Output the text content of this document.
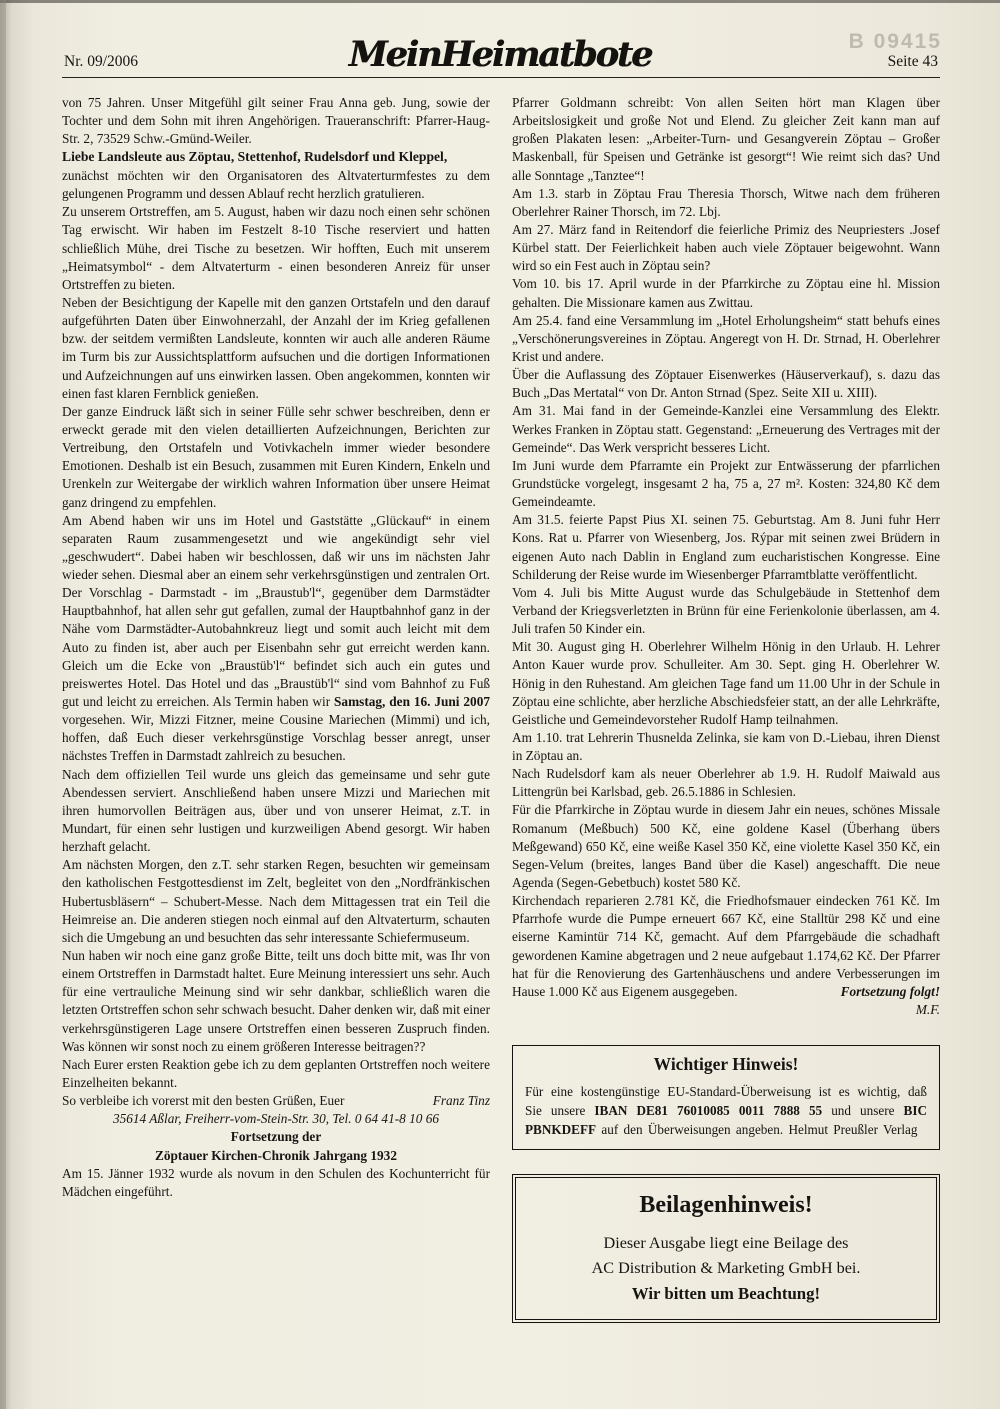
B 09415
Nr. 09/2006	MeinHeimatbote	Seite 43

von 75 Jahren. Unser Mitgefühl gilt seiner Frau Anna geb. Jung, sowie der Tochter und dem Sohn mit ihren Angehörigen. Traueranschrift: Pfarrer-Haug-Str. 2, 73529 Schw.-Gmünd-Weiler.

Liebe Landsleute aus Zöptau, Stettenhof, Rudelsdorf und Kleppel,

zunächst möchten wir den Organisatoren des Altvaterturmfestes zu dem gelungenen Programm und dessen Ablauf recht herzlich gratulieren.

Zu unserem Ortstreffen, am 5. August, haben wir dazu noch einen sehr schönen Tag erwischt. Wir haben im Festzelt 8-10 Tische reserviert und hatten schließlich Mühe, drei Tische zu besetzen. Wir hofften, Euch mit unserem „Heimatsymbol“ - dem Altvaterturm - einen besonderen Anreiz für unser Ortstreffen zu bieten.

Neben der Besichtigung der Kapelle mit den ganzen Ortstafeln und den darauf aufgeführten Daten über Einwohnerzahl, der Anzahl der im Krieg gefallenen bzw. der seitdem vermißten Landsleute, konnten wir auch alle anderen Räume im Turm bis zur Aussichtsplattform aufsuchen und die dortigen Informationen und Aufzeichnungen auf uns einwirken lassen. Oben angekommen, konnten wir einen fast klaren Fernblick genießen.

Der ganze Eindruck läßt sich in seiner Fülle sehr schwer beschreiben, denn er erweckt gerade mit den vielen detaillierten Aufzeichnungen, Berichten zur Vertreibung, den Ortstafeln und Votivkacheln immer wieder besondere Emotionen. Deshalb ist ein Besuch, zusammen mit Euren Kindern, Enkeln und Urenkeln zur Weitergabe der wirklich wahren Information über unsere Heimat ganz dringend zu empfehlen.

Am Abend haben wir uns im Hotel und Gaststätte „Glückauf“ in einem separaten Raum zusammengesetzt und wie angekündigt sehr viel „geschwudert“. Dabei haben wir beschlossen, daß wir uns im nächsten Jahr wieder sehen. Diesmal aber an einem sehr verkehrsgünstigen und zentralen Ort. Der Vorschlag - Darmstadt - im „Braustub'l“, gegenüber dem Darmstädter Hauptbahnhof, hat allen sehr gut gefallen, zumal der Hauptbahnhof ganz in der Nähe vom Darmstädter-Autobahnkreuz liegt und somit auch leicht mit dem Auto zu finden ist, aber auch per Eisenbahn sehr gut erreicht werden kann. Gleich um die Ecke von „Braustüb'l“ befindet sich auch ein gutes und preiswertes Hotel. Das Hotel und das „Braustüb'l“ sind vom Bahnhof zu Fuß gut und leicht zu erreichen. Als Termin haben wir Samstag, den 16. Juni 2007 vorgesehen. Wir, Mizzi Fitzner, meine Cousine Mariechen (Mimmi) und ich, hoffen, daß Euch dieser verkehrsgünstige Vorschlag besser anregt, unser nächstes Treffen in Darmstadt zahlreich zu besuchen.

Nach dem offiziellen Teil wurde uns gleich das gemeinsame und sehr gute Abendessen serviert. Anschließend haben unsere Mizzi und Mariechen mit ihren humorvollen Beiträgen aus, über und von unserer Heimat, z.T. in Mundart, für einen sehr lustigen und kurzweiligen Abend gesorgt. Wir haben herzhaft gelacht.

Am nächsten Morgen, den z.T. sehr starken Regen, besuchten wir gemeinsam den katholischen Festgottesdienst im Zelt, begleitet von den „Nordfränkischen Hubertusbläsern“ – Schubert-Messe. Nach dem Mittagessen trat ein Teil die Heimreise an. Die anderen stiegen noch einmal auf den Altvaterturm, schauten sich die Umgebung an und besuchten das sehr interessante Schiefermuseum.

Nun haben wir noch eine ganz große Bitte, teilt uns doch bitte mit, was Ihr von einem Ortstreffen in Darmstadt haltet. Eure Meinung interessiert uns sehr. Auch für eine vertrauliche Meinung sind wir sehr dankbar, schließlich waren die letzten Ortstreffen schon sehr schwach besucht. Daher denken wir, daß mit einer verkehrsgünstigeren Lage unsere Ortstreffen einen besseren Zuspruch finden. Was können wir sonst noch zu einem größeren Interesse beitragen??

Nach Eurer ersten Reaktion gebe ich zu dem geplanten Ortstreffen noch weitere Einzelheiten bekannt.

So verbleibe ich vorerst mit den besten Grüßen, Euer	Franz Tinz

35614 Aßlar, Freiherr-vom-Stein-Str. 30, Tel. 0 64 41-8 10 66

Fortsetzung der

Zöptauer Kirchen-Chronik Jahrgang 1932

Am 15. Jänner 1932 wurde als novum in den Schulen des Kochunterricht für Mädchen eingeführt.

Pfarrer Goldmann schreibt: Von allen Seiten hört man Klagen über Arbeitslosigkeit und große Not und Elend. Zu gleicher Zeit kann man auf großen Plakaten lesen: „Arbeiter-Turn- und Gesangverein Zöptau – Großer Maskenball, für Speisen und Getränke ist gesorgt“! Wie reimt sich das? Und alle Sonntage „Tanztee“!

Am 1.3. starb in Zöptau Frau Theresia Thorsch, Witwe nach dem früheren Oberlehrer Rainer Thorsch, im 72. Lbj.

Am 27. März fand in Reitendorf die feierliche Primiz des Neupriesters .Josef Kürbel statt. Der Feierlichkeit haben auch viele Zöptauer beigewohnt. Wann wird so ein Fest auch in Zöptau sein?

Vom 10. bis 17. April wurde in der Pfarrkirche zu Zöptau eine hl. Mission gehalten. Die Missionare kamen aus Zwittau.

Am 25.4. fand eine Versammlung im „Hotel Erholungsheim“ statt behufs eines „Verschönerungsvereines in Zöptau. Angeregt von H. Dr. Strnad, H. Oberlehrer Krist und andere.

Über die Auflassung des Zöptauer Eisenwerkes (Häuserverkauf), s. dazu das Buch „Das Mertatal“ von Dr. Anton Strnad (Spez. Seite XII u. XIII).

Am 31. Mai fand in der Gemeinde-Kanzlei eine Versammlung des Elektr. Werkes Franken in Zöptau statt. Gegenstand: „Erneuerung des Vertrages mit der Gemeinde“. Das Werk verspricht besseres Licht.

Im Juni wurde dem Pfarramte ein Projekt zur Entwässerung der pfarrlichen Grundstücke vorgelegt, insgesamt 2 ha, 75 a, 27 m². Kosten: 324,80 Kč dem Gemeindeamte.

Am 31.5. feierte Papst Pius XI. seinen 75. Geburtstag. Am 8. Juni fuhr Herr Kons. Rat u. Pfarrer von Wiesenberg, Jos. Rýpar mit seinen zwei Brüdern in eigenen Auto nach Dablin in England zum eucharistischen Kongresse. Eine Schilderung der Reise wurde im Wiesenberger Pfarramtblatte veröffentlicht.

Vom 4. Juli bis Mitte August wurde das Schulgebäude in Stettenhof dem Verband der Kriegsverletzten in Brünn für eine Ferienkolonie überlassen, am 4. Juli trafen 50 Kinder ein.

Mit 30. August ging H. Oberlehrer Wilhelm Hönig in den Urlaub. H. Lehrer Anton Kauer wurde prov. Schulleiter. Am 30. Sept. ging H. Oberlehrer W. Hönig in den Ruhestand. Am gleichen Tage fand um 11.00 Uhr in der Schule in Zöptau eine schlichte, aber herzliche Abschiedsfeier statt, an der alle Lehrkräfte, Geistliche und Gemeindevorsteher Rudolf Hamp teilnahmen.

Am 1.10. trat Lehrerin Thusnelda Zelinka, sie kam von D.-Liebau, ihren Dienst in Zöptau an.

Nach Rudelsdorf kam als neuer Oberlehrer ab 1.9. H. Rudolf Maiwald aus Littengrün bei Karlsbad, geb. 26.5.1886 in Schlesien.

Für die Pfarrkirche in Zöptau wurde in diesem Jahr ein neues, schönes Missale Romanum (Meßbuch) 500 Kč, eine goldene Kasel (Überhang übers Meßgewand) 650 Kč, eine weiße Kasel 350 Kč, eine violette Kasel 350 Kč, ein Segen-Velum (breites, langes Band über die Kasel) angeschafft. Die neue Agenda (Segen-Gebetbuch) kostet 580 Kč.

Kirchendach reparieren 2.781 Kč, die Friedhofsmauer eindecken 761 Kč. Im Pfarrhofe wurde die Pumpe erneuert 667 Kč, eine Stalltür 298 Kč und eine eiserne Kamintür 714 Kč, gemacht. Auf dem Pfarrgebäude die schadhaft gewordenen Kamine abgetragen und 2 neue aufgebaut 1.174,62 Kč. Der Pfarrer hat für die Renovierung des Gartenhäuschens und andere Verbesserungen im Hause 1.000 Kč aus Eigenem ausgegeben.	Fortsetzung folgt!

M.F.

Wichtiger Hinweis!
Für eine kostengünstige EU-Standard-Überweisung ist es wichtig, daß Sie unsere IBAN DE81 76010085 0011 7888 55 und unsere BIC PBNKDEFF auf den Überweisungen angeben. Helmut Preußler Verlag
Beilagenhinweis!
Dieser Ausgabe liegt eine Beilage des
AC Distribution & Marketing GmbH bei.
Wir bitten um Beachtung!
